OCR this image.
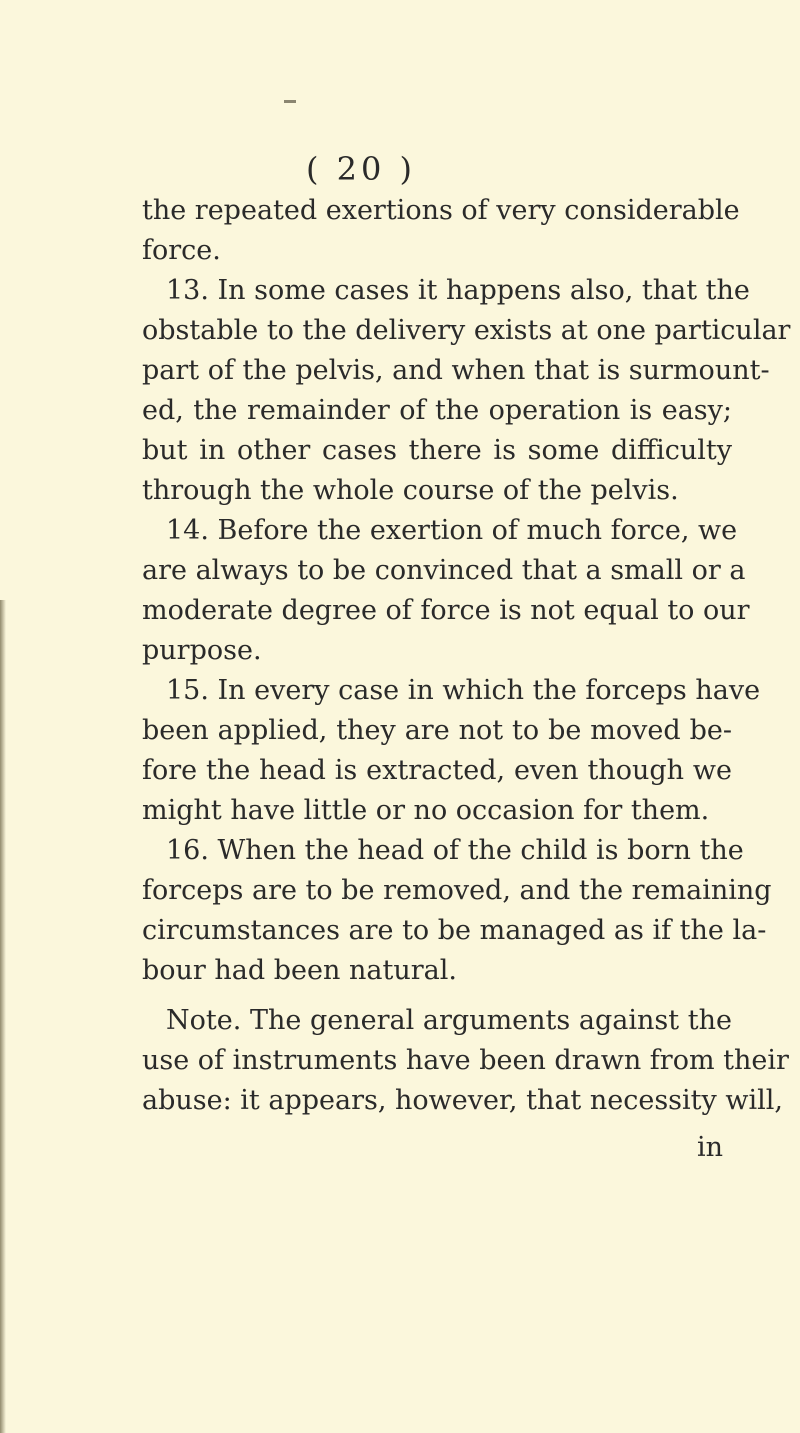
( 20 )
the repeated exertions of very considerable
force.
13. In some cases it happens also, that the
obstable to the delivery exists at one particular
part of the pelvis, and when that is surmount-
ed, the remainder of the operation is easy;
but in other cases there is some difficulty
through the whole course of the pelvis.
14. Before the exertion of much force, we
are always to be convinced that a small or a
moderate degree of force is not equal to our
purpose.
15. In every case in which the forceps have
been applied, they are not to be moved be-
fore the head is extracted, even though we
might have little or no occasion for them.
16. When the head of the child is born the
forceps are to be removed, and the remaining
circumstances are to be managed as if the la-
bour had been natural.
Note. The general arguments against the
use of instruments have been drawn from their
abuse: it appears, however, that necessity will,
in
